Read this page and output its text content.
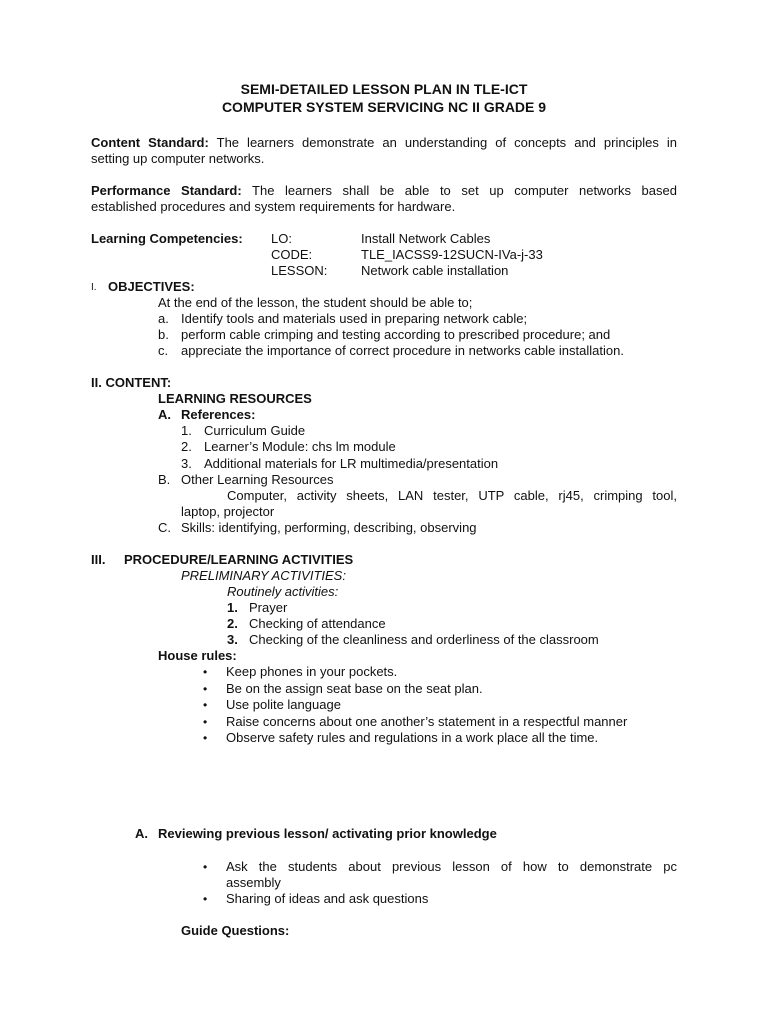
SEMI-DETAILED LESSON PLAN IN TLE-ICT
COMPUTER SYSTEM SERVICING NC II GRADE 9
Content Standard: The learners demonstrate an understanding of concepts and principles in
setting up computer networks.
Performance Standard: The learners shall be able to set up computer networks based
established procedures and system requirements for hardware.
Learning Competencies: LO:	Install Network Cables
CODE:	TLE_IACSS9-12SUCN-IVa-j-33
LESSON:	Network cable installation
I. OBJECTIVES:
At the end of the lesson, the student should be able to;
a. Identify tools and materials used in preparing network cable;
b. perform cable crimping and testing according to prescribed procedure; and
c. appreciate the importance of correct procedure in networks cable installation.
II. CONTENT:
LEARNING RESOURCES
A. References:
1. Curriculum Guide
2. Learner’s Module: chs lm module
3. Additional materials for LR multimedia/presentation
B. Other Learning Resources
Computer, activity sheets, LAN tester, UTP cable, rj45, crimping tool,
laptop, projector
C. Skills: identifying, performing, describing, observing
III. PROCEDURE/LEARNING ACTIVITIES
PRELIMINARY ACTIVITIES:
Routinely activities:
1. Prayer
2. Checking of attendance
3. Checking of the cleanliness and orderliness of the classroom
House rules:
• Keep phones in your pockets.
• Be on the assign seat base on the seat plan.
• Use polite language
• Raise concerns about one another’s statement in a respectful manner
• Observe safety rules and regulations in a work place all the time.
A. Reviewing previous lesson/ activating prior knowledge
• Ask the students about previous lesson of how to demonstrate pc
assembly
• Sharing of ideas and ask questions
Guide Questions:
